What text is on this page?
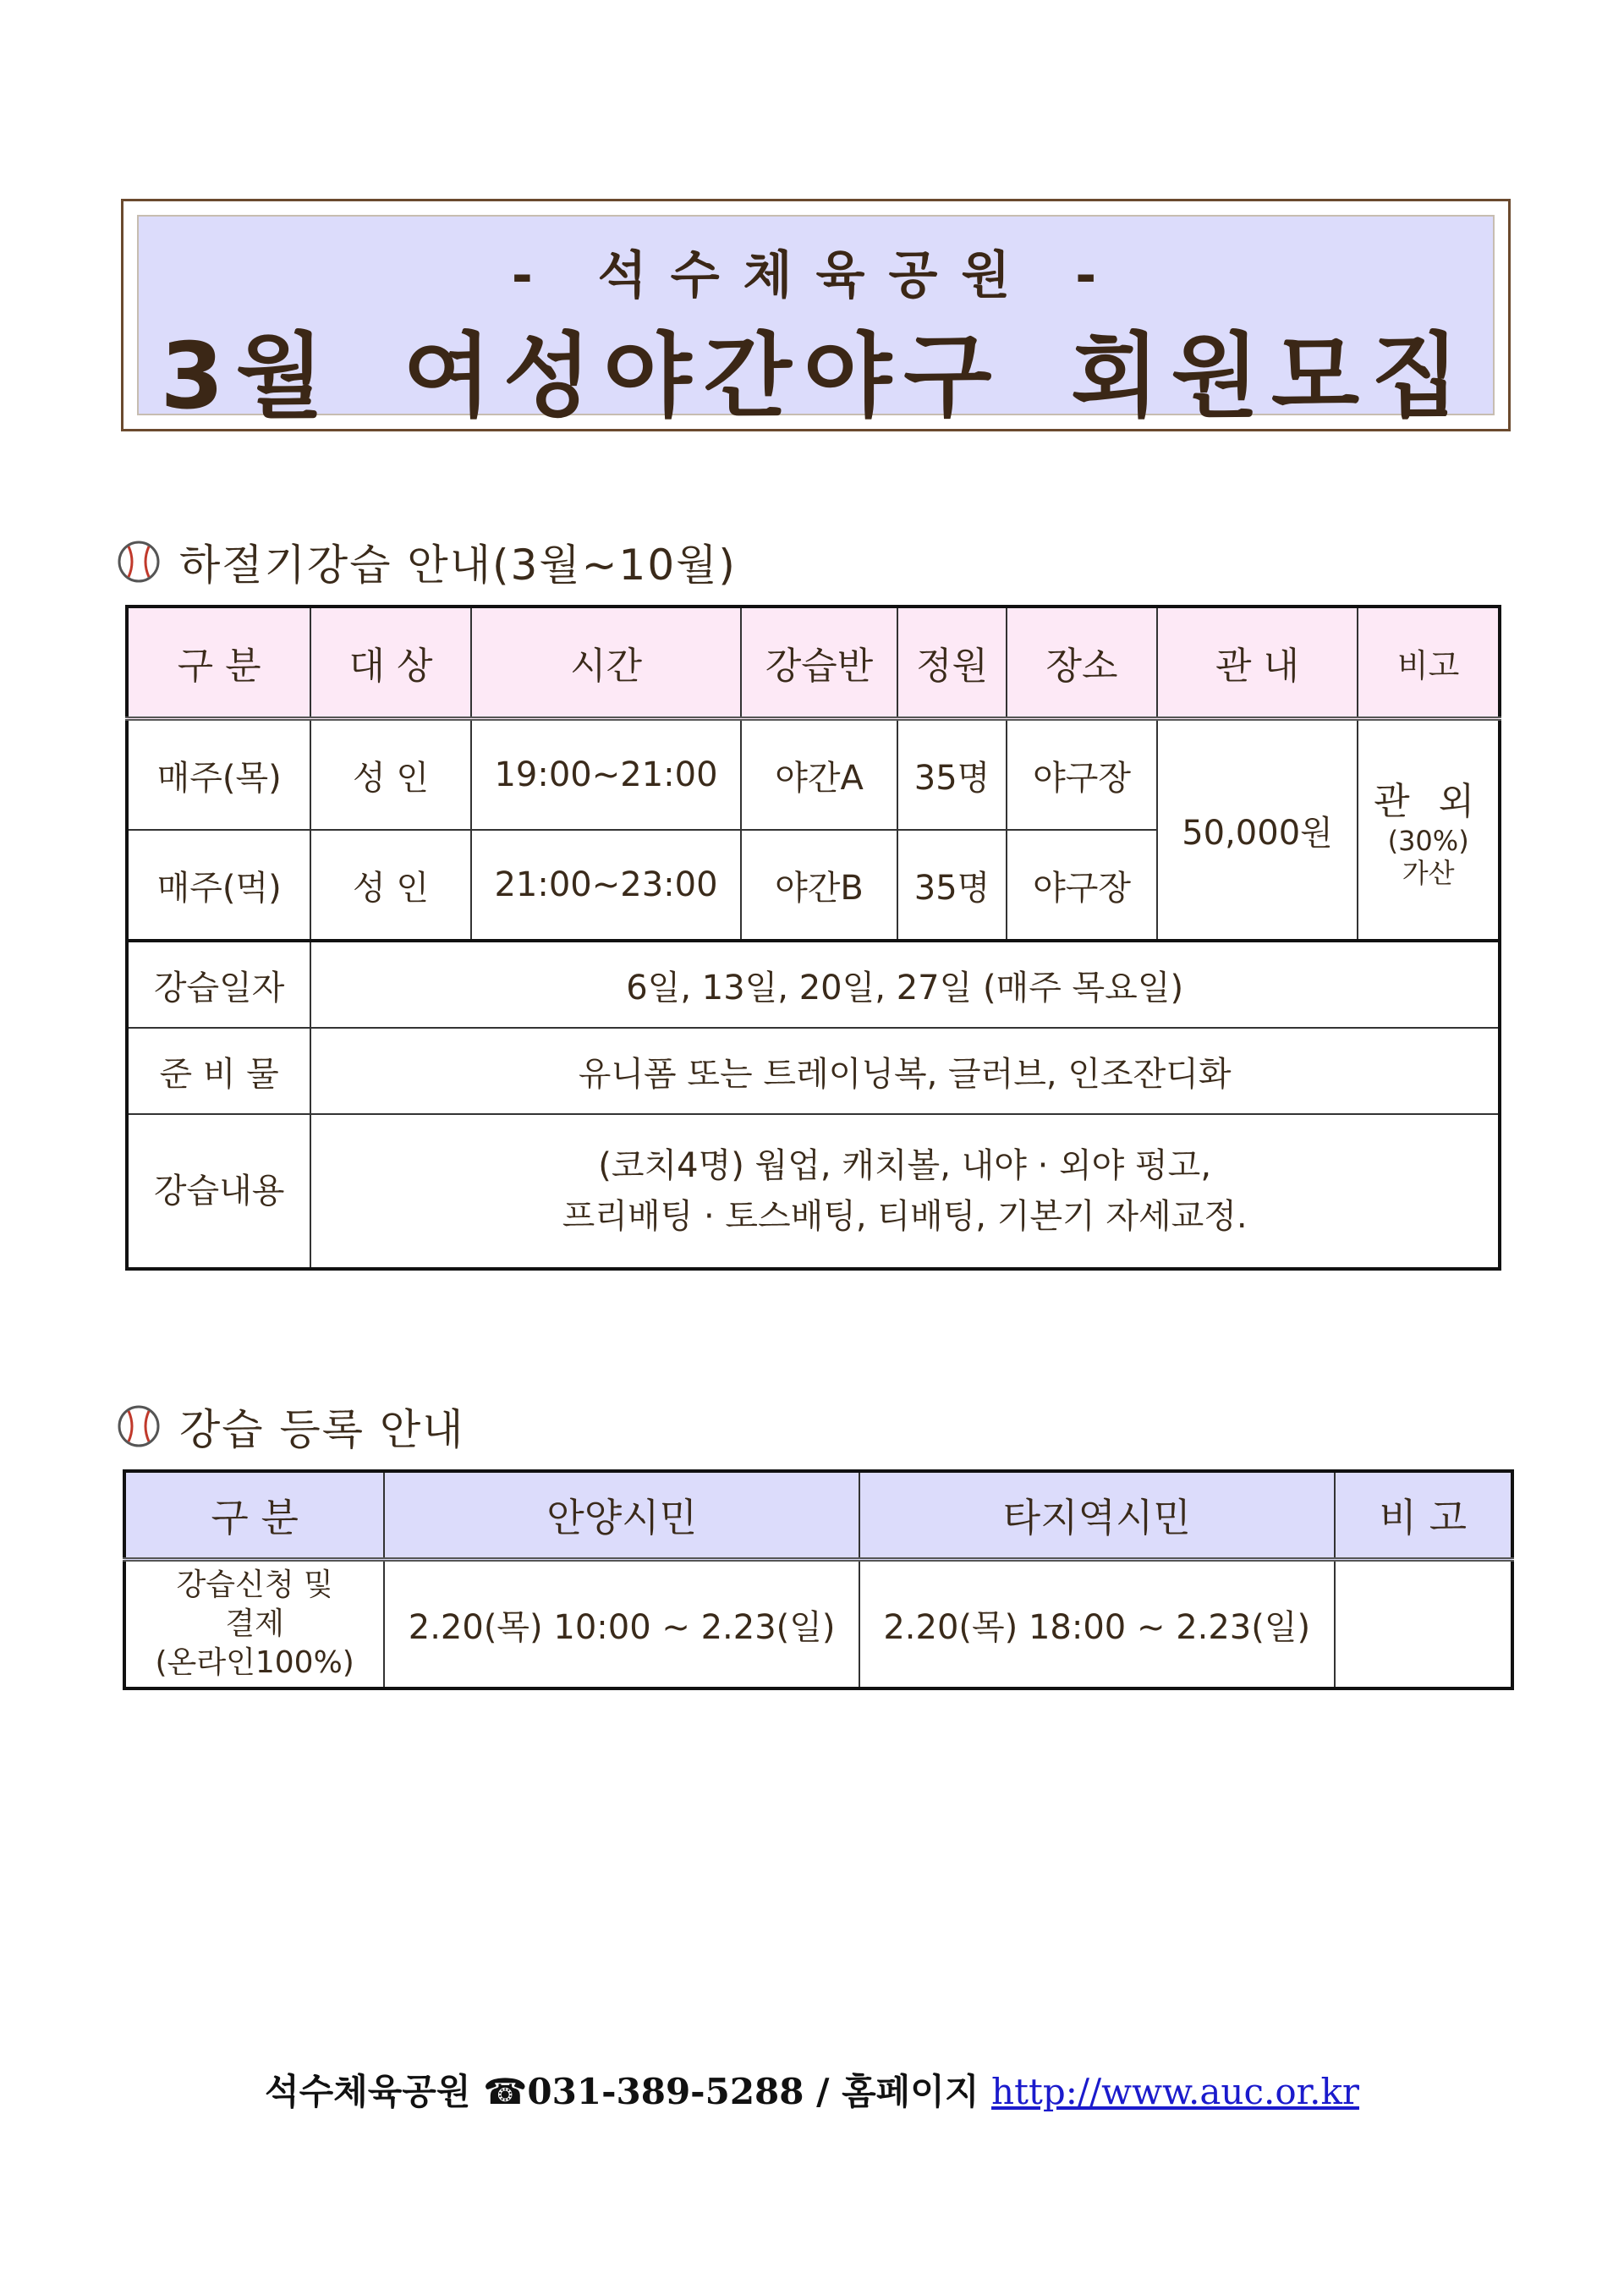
- 석수체육공원 -
3월 여성야간야구 회원모집
하절기강습 안내(3월~10월)
구 분	대 상	시간	강습반	정원	장소	관 내	비고
매주(목)	성 인	19:00~21:00	야간A	35명	야구장	50,000원	관 외
(30%)
가산

매주(먹)	성 인	21:00~23:00	야간B	35명	야구장		
강습일자	6일, 13일, 20일, 27일 (매주 목요일)						
준 비 물	유니폼 또는 트레이닝복, 글러브, 인조잔디화						
강습내용	(코치4명) 웜업, 캐치볼, 내야 · 외야 펑고,
프리배팅 · 토스배팅, 티배팅, 기본기 자세교정.						
강습 등록 안내
구 분	안양시민	타지역시민	비 고

강습신청 및
결제
(온라인100%)	2.20(목) 10:00 ~ 2.23(일)	2.20(목) 18:00 ~ 2.23(일)	
석수체육공원 ☎031-389-5288 / 홈페이지 http://www.auc.or.kr
